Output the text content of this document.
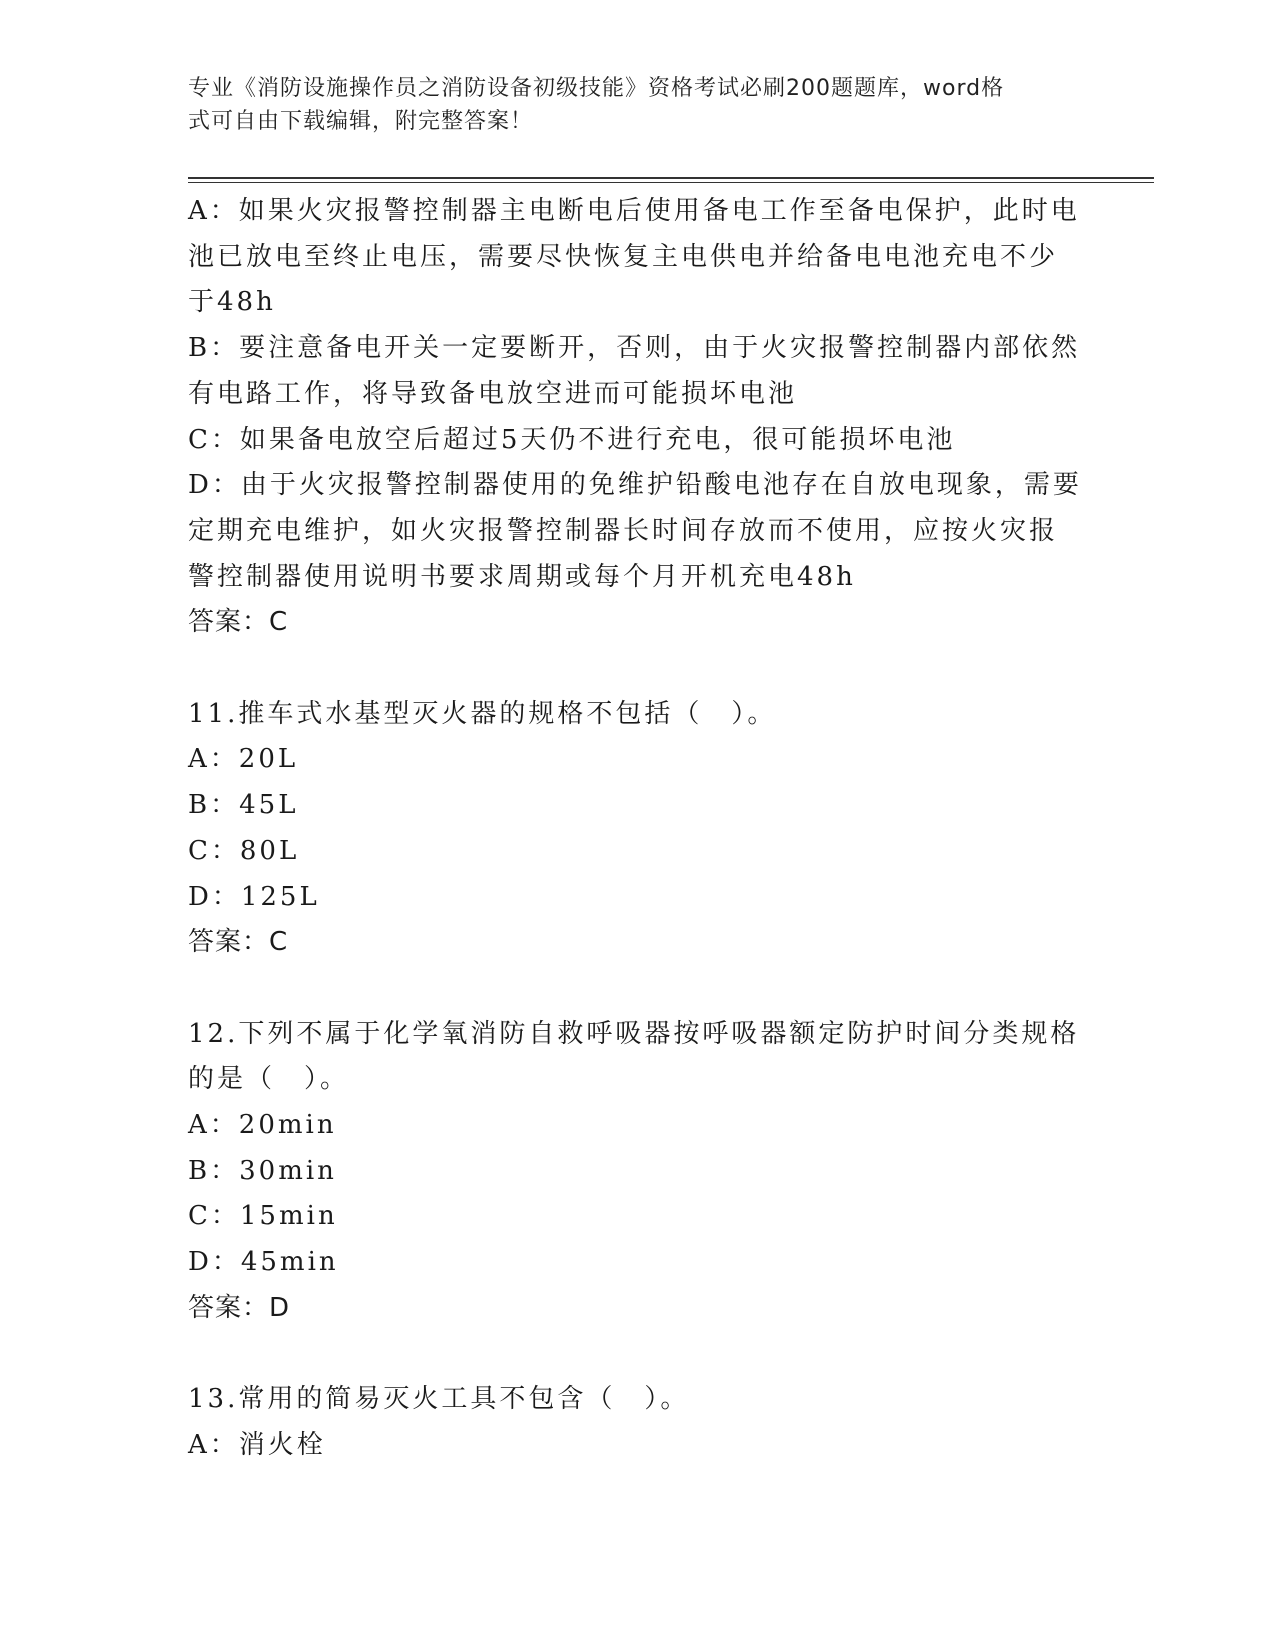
专业《消防设施操作员之消防设备初级技能》资格考试必刷200题题库，word格
式可自由下载编辑，附完整答案！
A：如果火灾报警控制器主电断电后使用备电工作至备电保护，此时电
池已放电至终止电压，需要尽快恢复主电供电并给备电电池充电不少
于48h
B：要注意备电开关一定要断开，否则，由于火灾报警控制器内部依然
有电路工作，将导致备电放空进而可能损坏电池
C：如果备电放空后超过5天仍不进行充电，很可能损坏电池
D：由于火灾报警控制器使用的免维护铅酸电池存在自放电现象，需要
定期充电维护，如火灾报警控制器长时间存放而不使用，应按火灾报
警控制器使用说明书要求周期或每个月开机充电48h
答案：C
11.推车式水基型灭火器的规格不包括（　）。
A：20L
B：45L
C：80L
D：125L
答案：C
12.下列不属于化学氧消防自救呼吸器按呼吸器额定防护时间分类规格
的是（　）。
A：20min
B：30min
C：15min
D：45min
答案：D
13.常用的简易灭火工具不包含（　）。
A：消火栓
